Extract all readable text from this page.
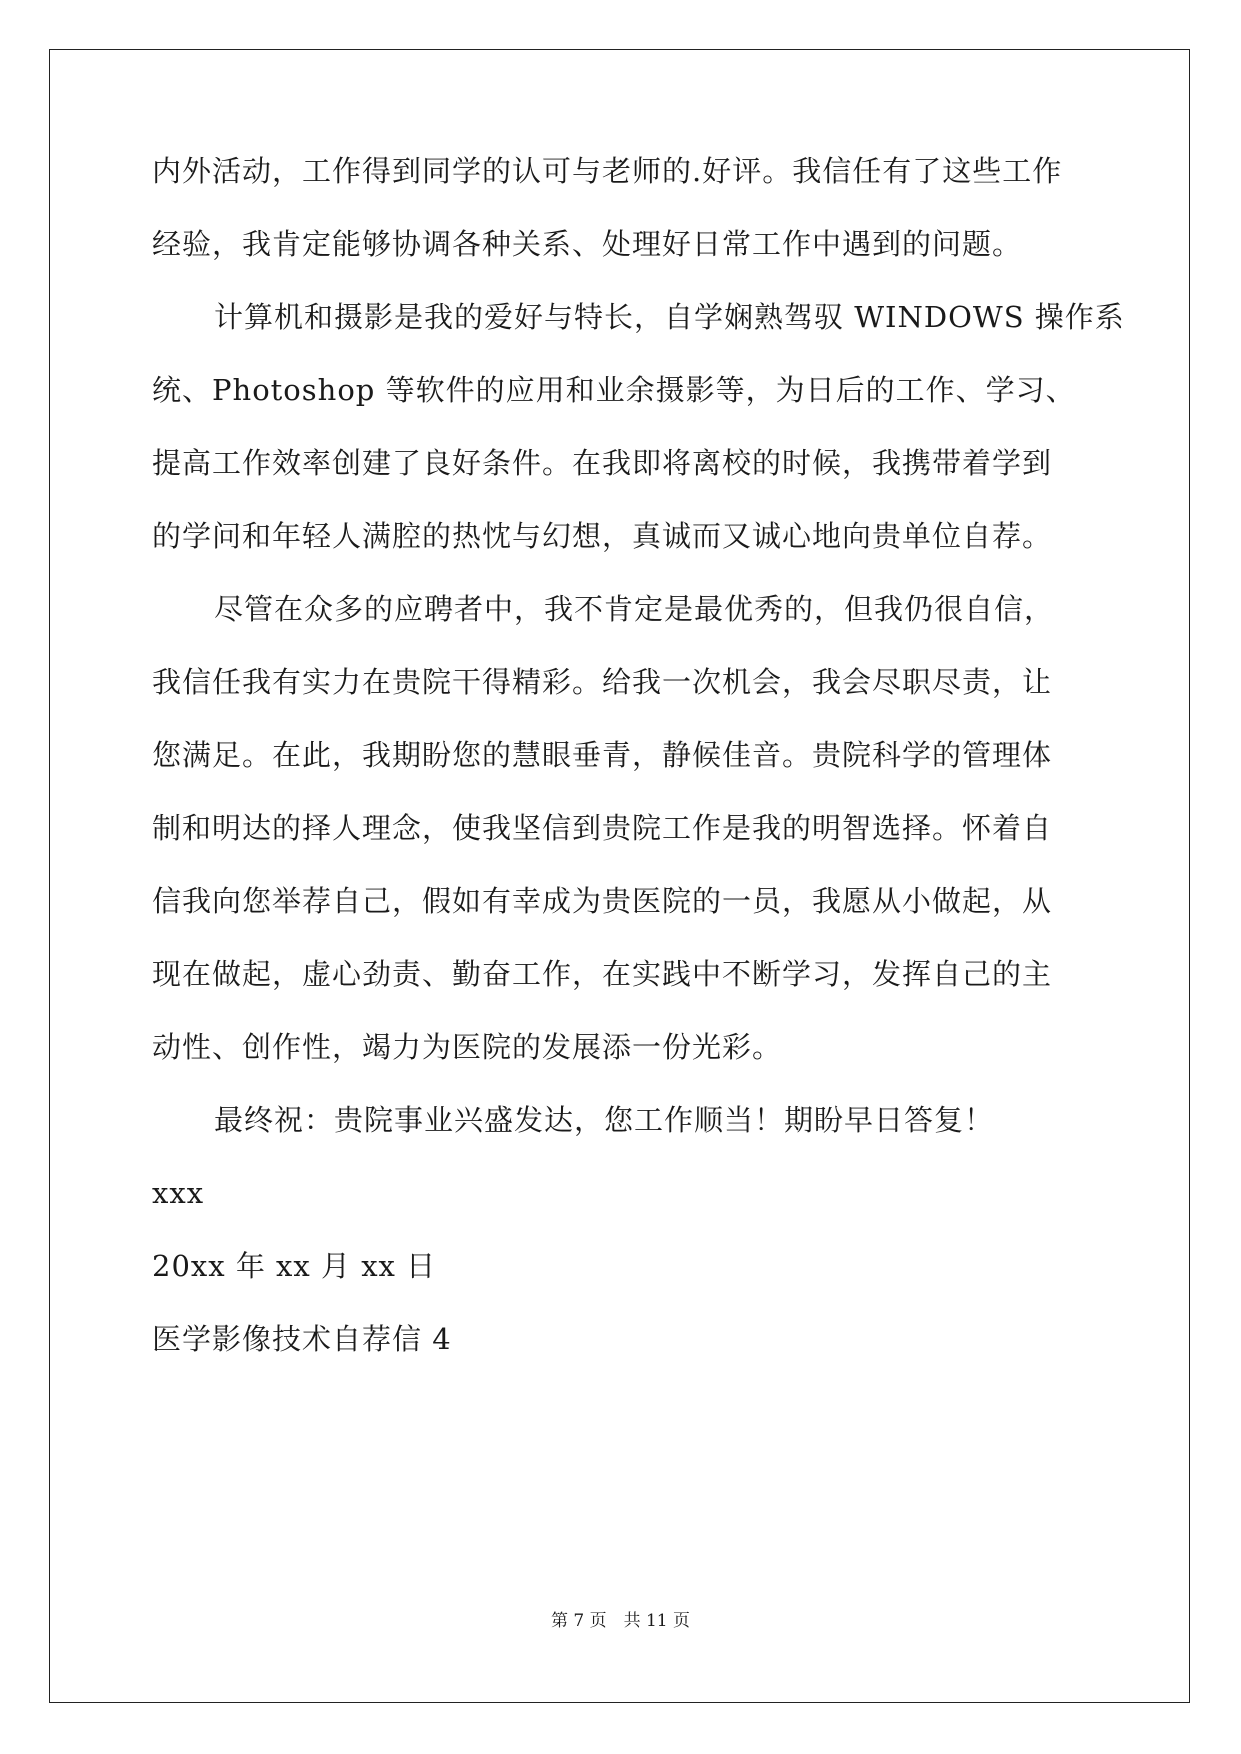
内外活动，工作得到同学的认可与老师的.好评。我信任有了这些工作
经验，我肯定能够协调各种关系、处理好日常工作中遇到的问题。
计算机和摄影是我的爱好与特长，自学娴熟驾驭 WINDOWS 操作系
统、Photoshop 等软件的应用和业余摄影等，为日后的工作、学习、
提高工作效率创建了良好条件。在我即将离校的时候，我携带着学到
的学问和年轻人满腔的热忱与幻想，真诚而又诚心地向贵单位自荐。
尽管在众多的应聘者中，我不肯定是最优秀的，但我仍很自信，
我信任我有实力在贵院干得精彩。给我一次机会，我会尽职尽责，让
您满足。在此，我期盼您的慧眼垂青，静候佳音。贵院科学的管理体
制和明达的择人理念，使我坚信到贵院工作是我的明智选择。怀着自
信我向您举荐自己，假如有幸成为贵医院的一员，我愿从小做起，从
现在做起，虚心劲责、勤奋工作，在实践中不断学习，发挥自己的主
动性、创作性，竭力为医院的发展添一份光彩。
最终祝：贵院事业兴盛发达，您工作顺当！期盼早日答复！
xxx
20xx 年 xx 月 xx 日
医学影像技术自荐信 4
第 7 页　共 11 页
